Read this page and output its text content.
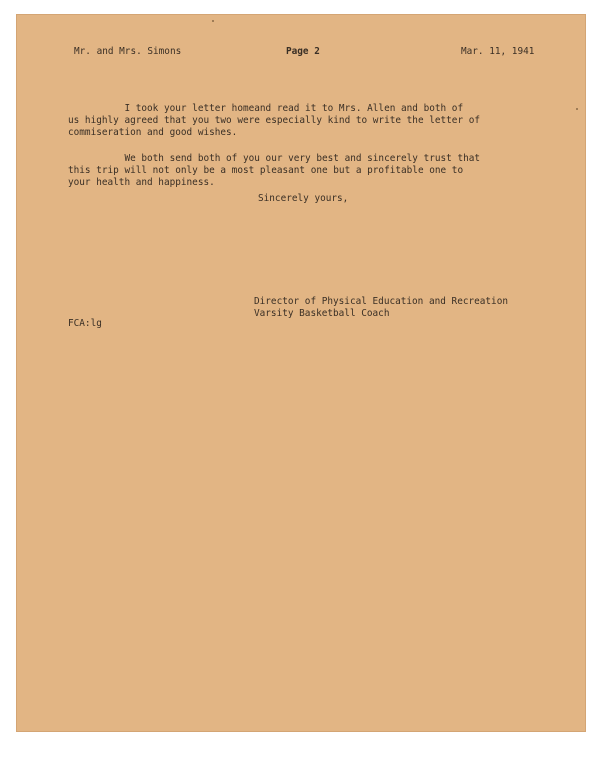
Mr. and Mrs. Simons	Page 2	Mar. 11, 1941
I took your letter homeand read it to Mrs. Allen and both of
us highly agreed that you two were especially kind to write the letter of
commiseration and good wishes.
We both send both of you our very best and sincerely trust that
this trip will not only be a most pleasant one but a profitable one to
your health and happiness.
Sincerely yours,
Director of Physical Education and Recreation
Varsity Basketball Coach
FCA:lg
